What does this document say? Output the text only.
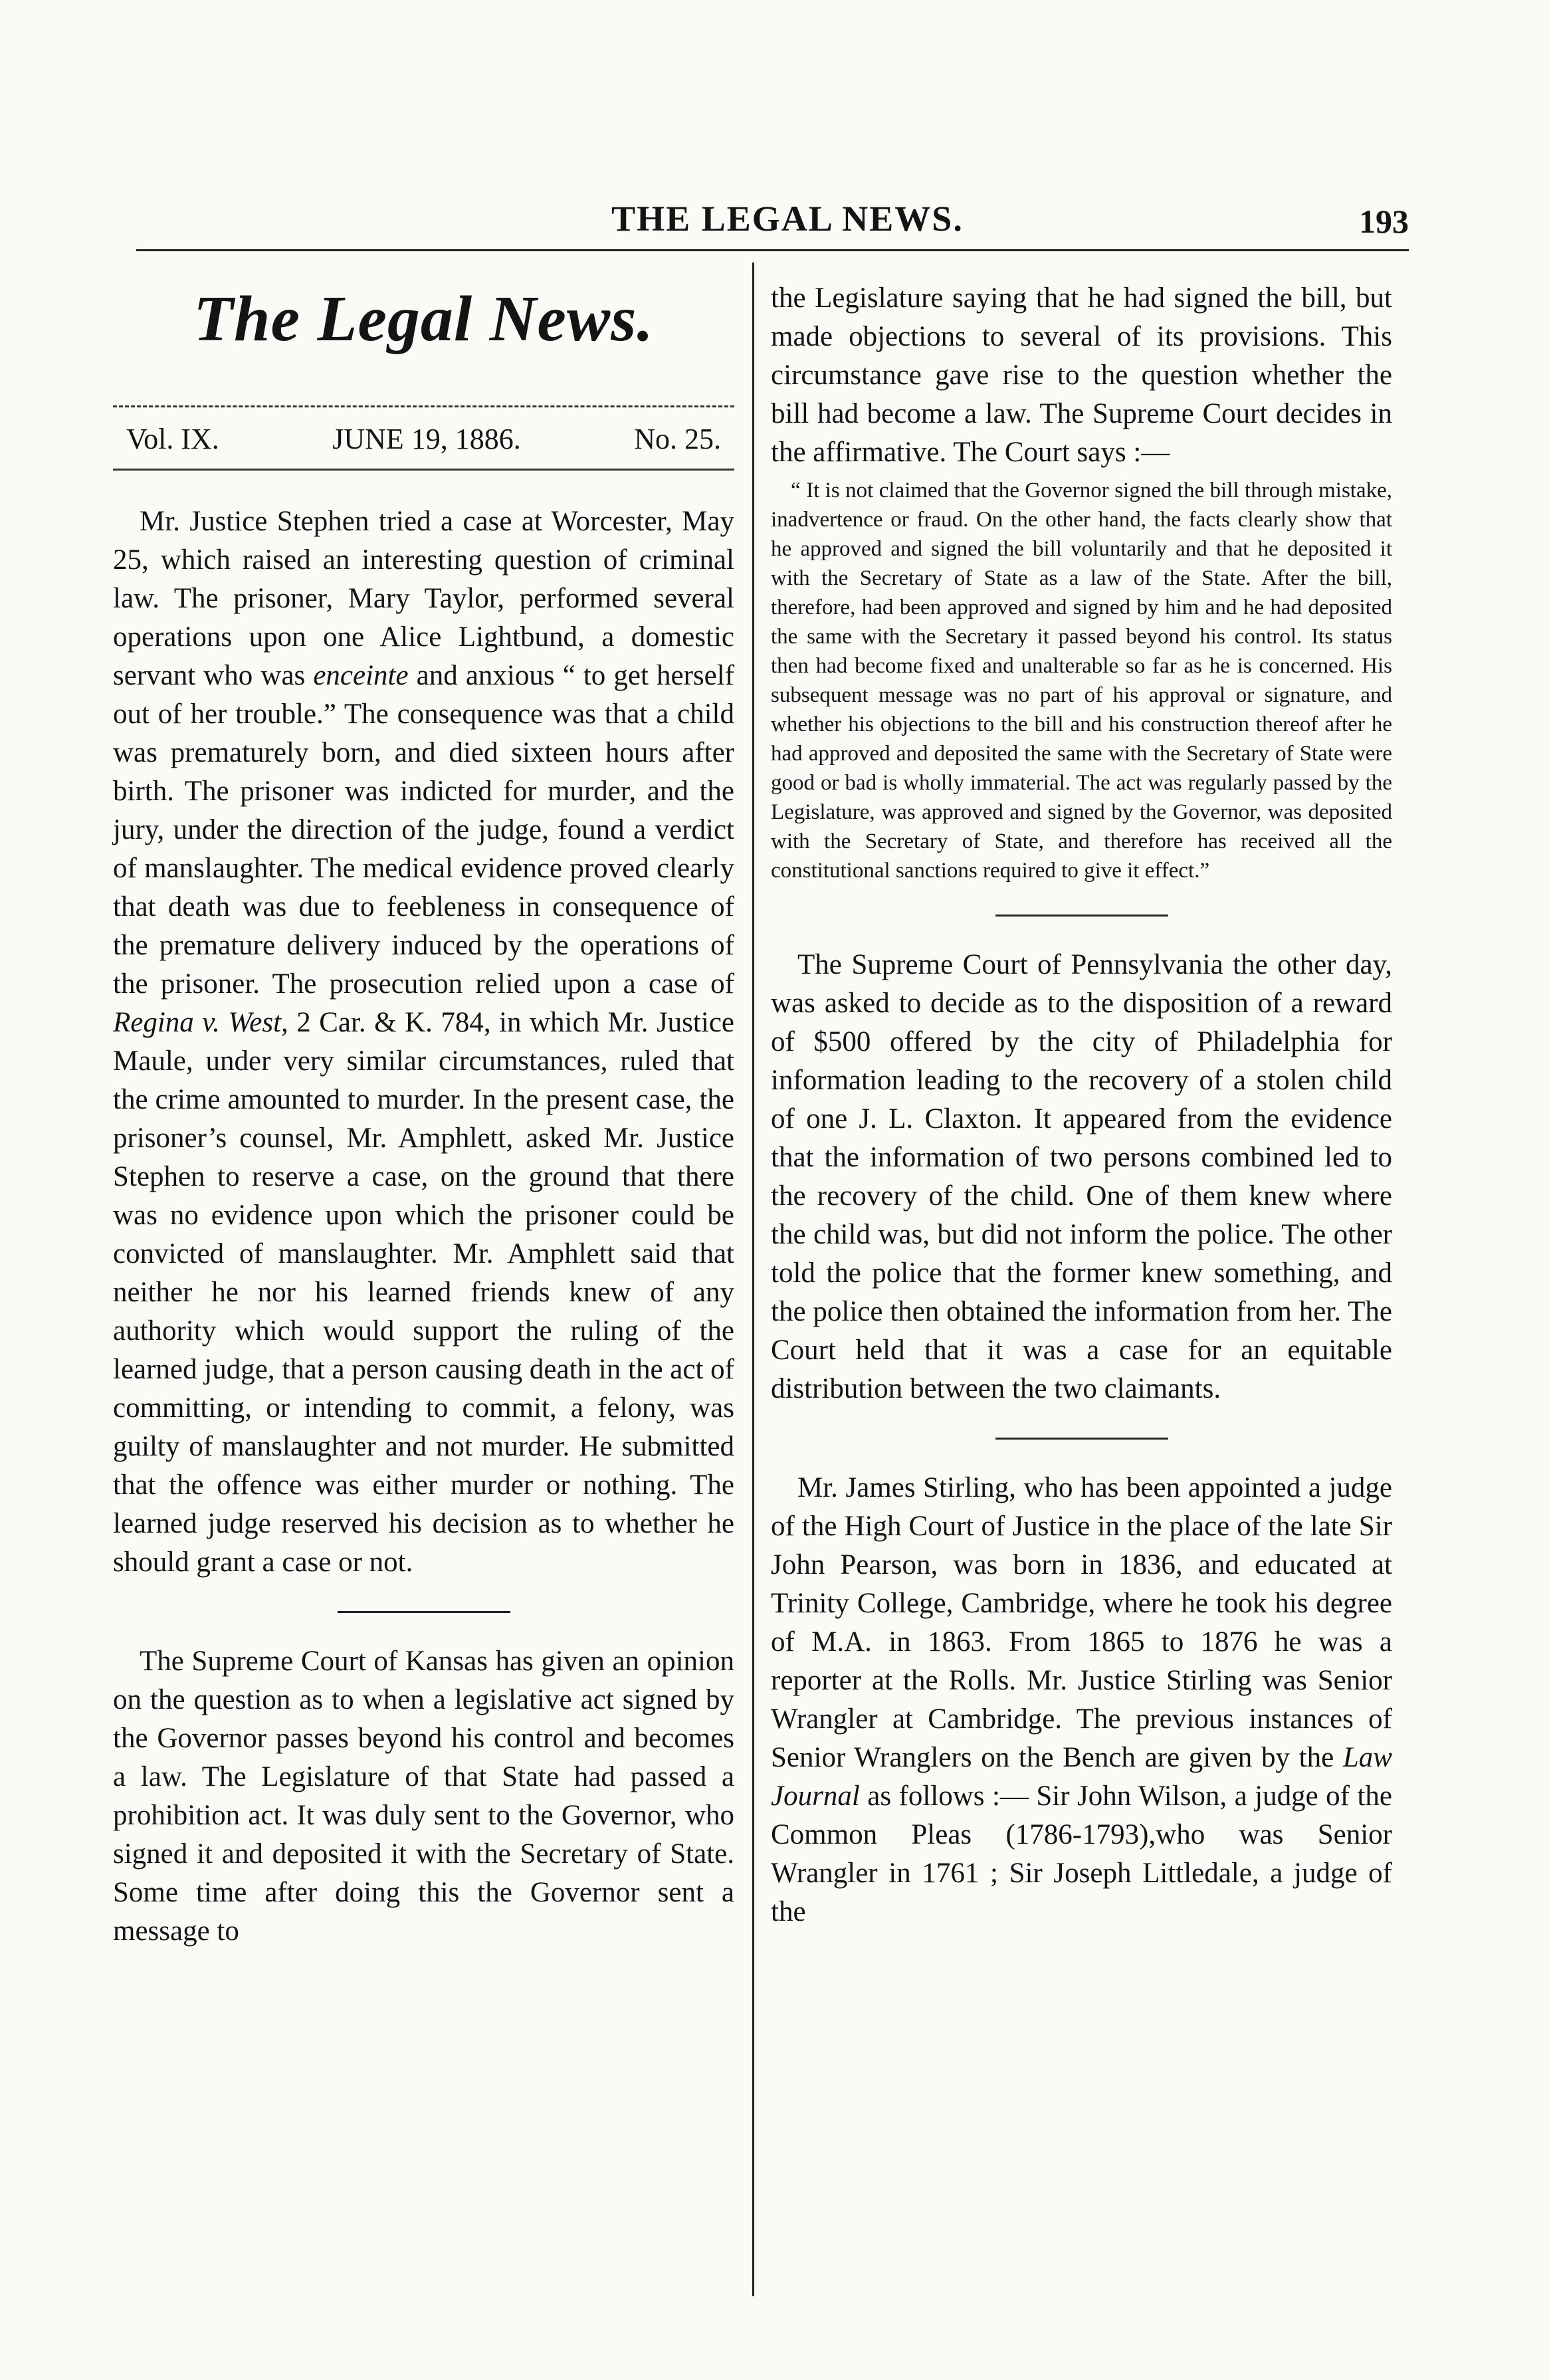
THE LEGAL NEWS.	193
The Legal News.
Vol. IX.	JUNE 19, 1886.	No. 25.

Mr. Justice Stephen tried a case at Worcester, May 25, which raised an interesting question of criminal law. The prisoner, Mary Taylor, performed several operations upon one Alice Lightbund, a domestic servant who was enceinte and anxious “ to get herself out of her trouble.” The consequence was that a child was prematurely born, and died sixteen hours after birth. The prisoner was indicted for murder, and the jury, under the direction of the judge, found a verdict of manslaughter. The medical evidence proved clearly that death was due to feebleness in consequence of the premature delivery induced by the operations of the prisoner. The prosecution relied upon a case of Regina v. West, 2 Car. & K. 784, in which Mr. Justice Maule, under very similar circumstances, ruled that the crime amounted to murder. In the present case, the prisoner’s counsel, Mr. Amphlett, asked Mr. Justice Stephen to reserve a case, on the ground that there was no evidence upon which the prisoner could be convicted of manslaughter. Mr. Amphlett said that neither he nor his learned friends knew of any authority which would support the ruling of the learned judge, that a person causing death in the act of committing, or intending to commit, a felony, was guilty of manslaughter and not murder. He submitted that the offence was either murder or nothing. The learned judge reserved his decision as to whether he should grant a case or not.

The Supreme Court of Kansas has given an opinion on the question as to when a legislative act signed by the Governor passes beyond his control and becomes a law. The Legislature of that State had passed a prohibition act. It was duly sent to the Governor, who signed it and deposited it with the Secretary of State. Some time after doing this the Governor sent a message to

the Legislature saying that he had signed the bill, but made objections to several of its provisions. This circumstance gave rise to the question whether the bill had become a law. The Supreme Court decides in the affirmative. The Court says :—

“ It is not claimed that the Governor signed the bill through mistake, inadvertence or fraud. On the other hand, the facts clearly show that he approved and signed the bill voluntarily and that he deposited it with the Secretary of State as a law of the State. After the bill, therefore, had been approved and signed by him and he had deposited the same with the Secretary it passed beyond his control. Its status then had become fixed and unalterable so far as he is concerned. His subsequent message was no part of his approval or signature, and whether his objections to the bill and his construction thereof after he had approved and deposited the same with the Secretary of State were good or bad is wholly immaterial. The act was regularly passed by the Legislature, was approved and signed by the Governor, was deposited with the Secretary of State, and therefore has received all the constitutional sanctions required to give it effect.”

The Supreme Court of Pennsylvania the other day, was asked to decide as to the disposition of a reward of $500 offered by the city of Philadelphia for information leading to the recovery of a stolen child of one J. L. Claxton. It appeared from the evidence that the information of two persons combined led to the recovery of the child. One of them knew where the child was, but did not inform the police. The other told the police that the former knew something, and the police then obtained the information from her. The Court held that it was a case for an equitable distribution between the two claimants.

Mr. James Stirling, who has been appointed a judge of the High Court of Justice in the place of the late Sir John Pearson, was born in 1836, and educated at Trinity College, Cambridge, where he took his degree of M.A. in 1863. From 1865 to 1876 he was a reporter at the Rolls. Mr. Justice Stirling was Senior Wrangler at Cambridge. The previous instances of Senior Wranglers on the Bench are given by the Law Journal as follows :— Sir John Wilson, a judge of the Common Pleas (1786-1793),who was Senior Wrangler in 1761 ; Sir Joseph Littledale, a judge of the
